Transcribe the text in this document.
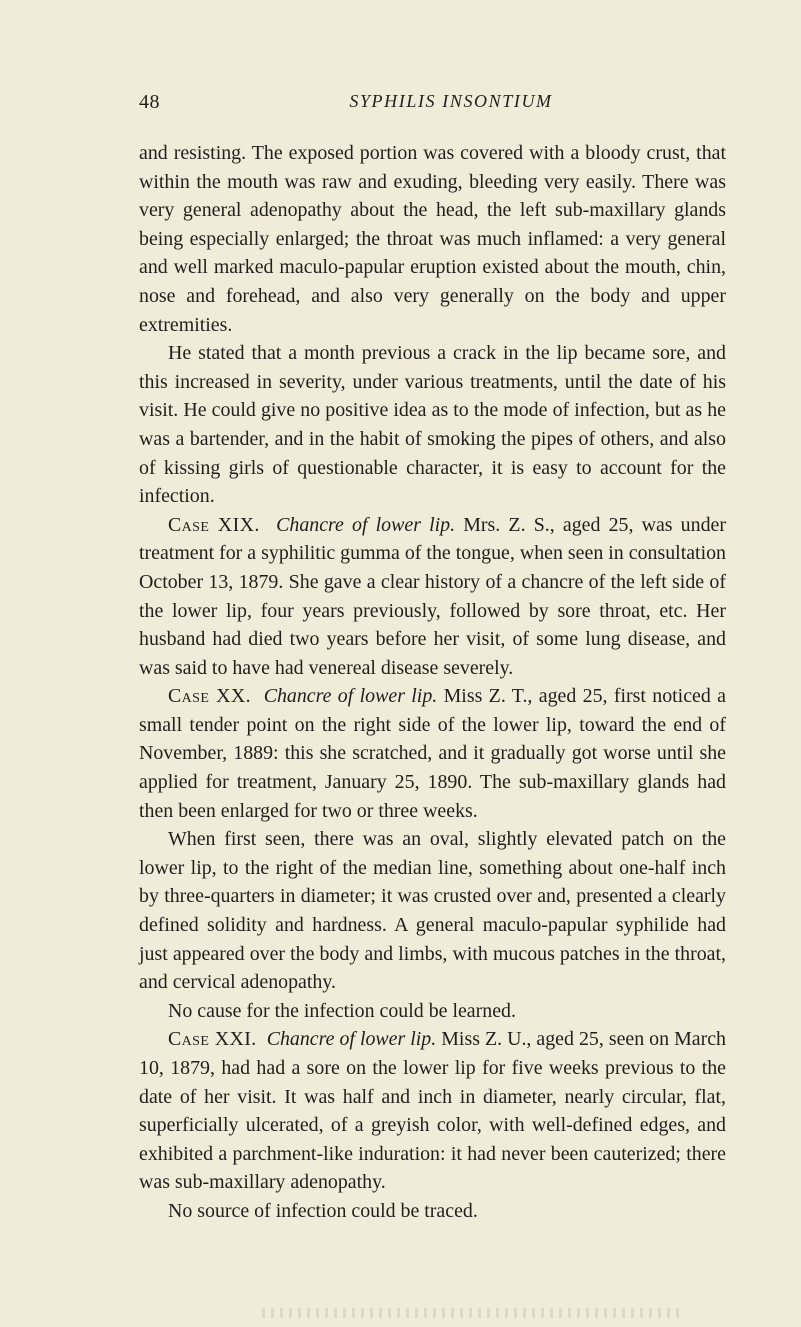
48	SYPHILIS INSONTIUM

and resisting. The exposed portion was covered with a bloody crust, that within the mouth was raw and exuding, bleeding very easily. There was very general adenopathy about the head, the left sub-maxillary glands being especially enlarged; the throat was much inflamed: a very general and well marked maculo-papular eruption existed about the mouth, chin, nose and forehead, and also very generally on the body and upper extremities.

He stated that a month previous a crack in the lip became sore, and this increased in severity, under various treatments, until the date of his visit. He could give no positive idea as to the mode of infection, but as he was a bartender, and in the habit of smoking the pipes of others, and also of kissing girls of questionable character, it is easy to account for the infection.

Case XIX. Chancre of lower lip. Mrs. Z. S., aged 25, was under treatment for a syphilitic gumma of the tongue, when seen in consultation October 13, 1879. She gave a clear history of a chancre of the left side of the lower lip, four years previously, followed by sore throat, etc. Her husband had died two years before her visit, of some lung disease, and was said to have had venereal disease severely.

Case XX. Chancre of lower lip. Miss Z. T., aged 25, first noticed a small tender point on the right side of the lower lip, toward the end of November, 1889: this she scratched, and it gradually got worse until she applied for treatment, January 25, 1890. The sub-maxillary glands had then been enlarged for two or three weeks.

When first seen, there was an oval, slightly elevated patch on the lower lip, to the right of the median line, something about one-half inch by three-quarters in diameter; it was crusted over and, presented a clearly defined solidity and hardness. A general maculo-papular syphilide had just appeared over the body and limbs, with mucous patches in the throat, and cervical adenopathy.

No cause for the infection could be learned.

Case XXI. Chancre of lower lip. Miss Z. U., aged 25, seen on March 10, 1879, had had a sore on the lower lip for five weeks previous to the date of her visit. It was half and inch in diameter, nearly circular, flat, superficially ulcerated, of a greyish color, with well-defined edges, and exhibited a parchment-like induration: it had never been cauterized; there was sub-maxillary adenopathy.

No source of infection could be traced.
